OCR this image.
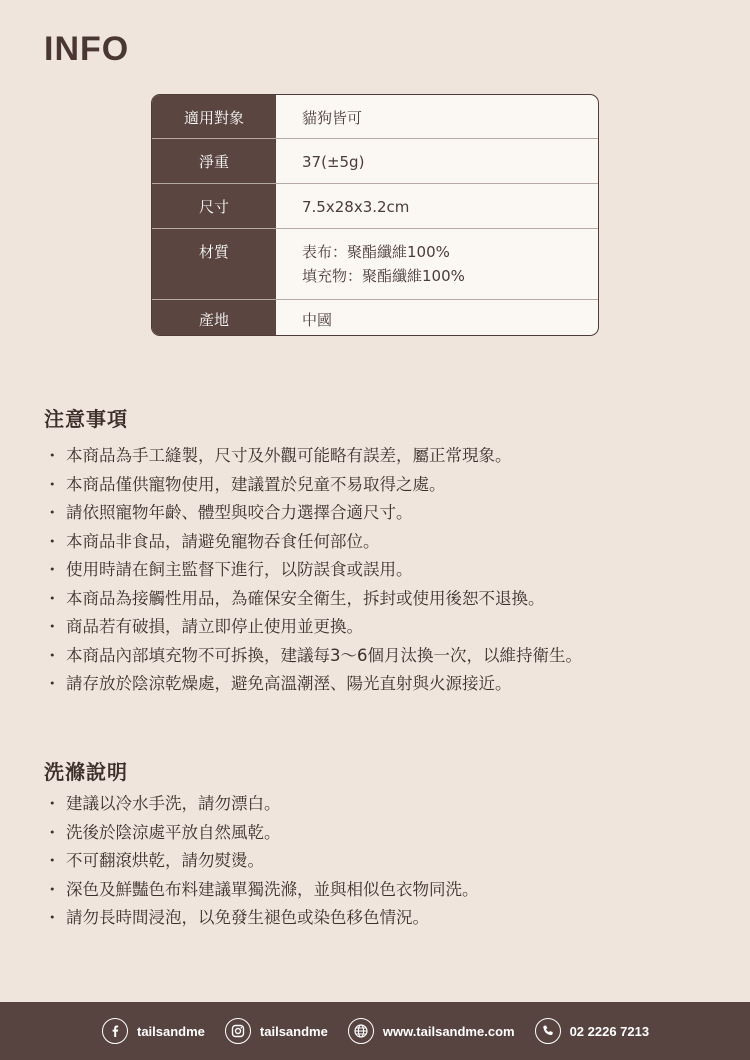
INFO
適用對象	貓狗皆可
淨重	37(±5g)
尺寸	7.5x28x3.2cm
材質	表布：聚酯纖維100%
填充物：聚酯纖維100%
產地	中國
注意事項
・ 本商品為手工縫製，尺寸及外觀可能略有誤差，屬正常現象。
・ 本商品僅供寵物使用，建議置於兒童不易取得之處。
・ 請依照寵物年齡、體型與咬合力選擇合適尺寸。
・ 本商品非食品，請避免寵物吞食任何部位。
・ 使用時請在飼主監督下進行，以防誤食或誤用。
・ 本商品為接觸性用品，為確保安全衛生，拆封或使用後恕不退換。
・ 商品若有破損，請立即停止使用並更換。
・ 本商品內部填充物不可拆換，建議每3～6個月汰換一次，以維持衛生。
・ 請存放於陰涼乾燥處，避免高溫潮溼、陽光直射與火源接近。
洗滌說明
・ 建議以冷水手洗，請勿漂白。
・ 洗後於陰涼處平放自然風乾。
・ 不可翻滾烘乾，請勿熨燙。
・ 深色及鮮豔色布料建議單獨洗滌，並與相似色衣物同洗。
・ 請勿長時間浸泡，以免發生褪色或染色移色情況。
tailsandme	tailsandme	www.tailsandme.com	02 2226 7213
